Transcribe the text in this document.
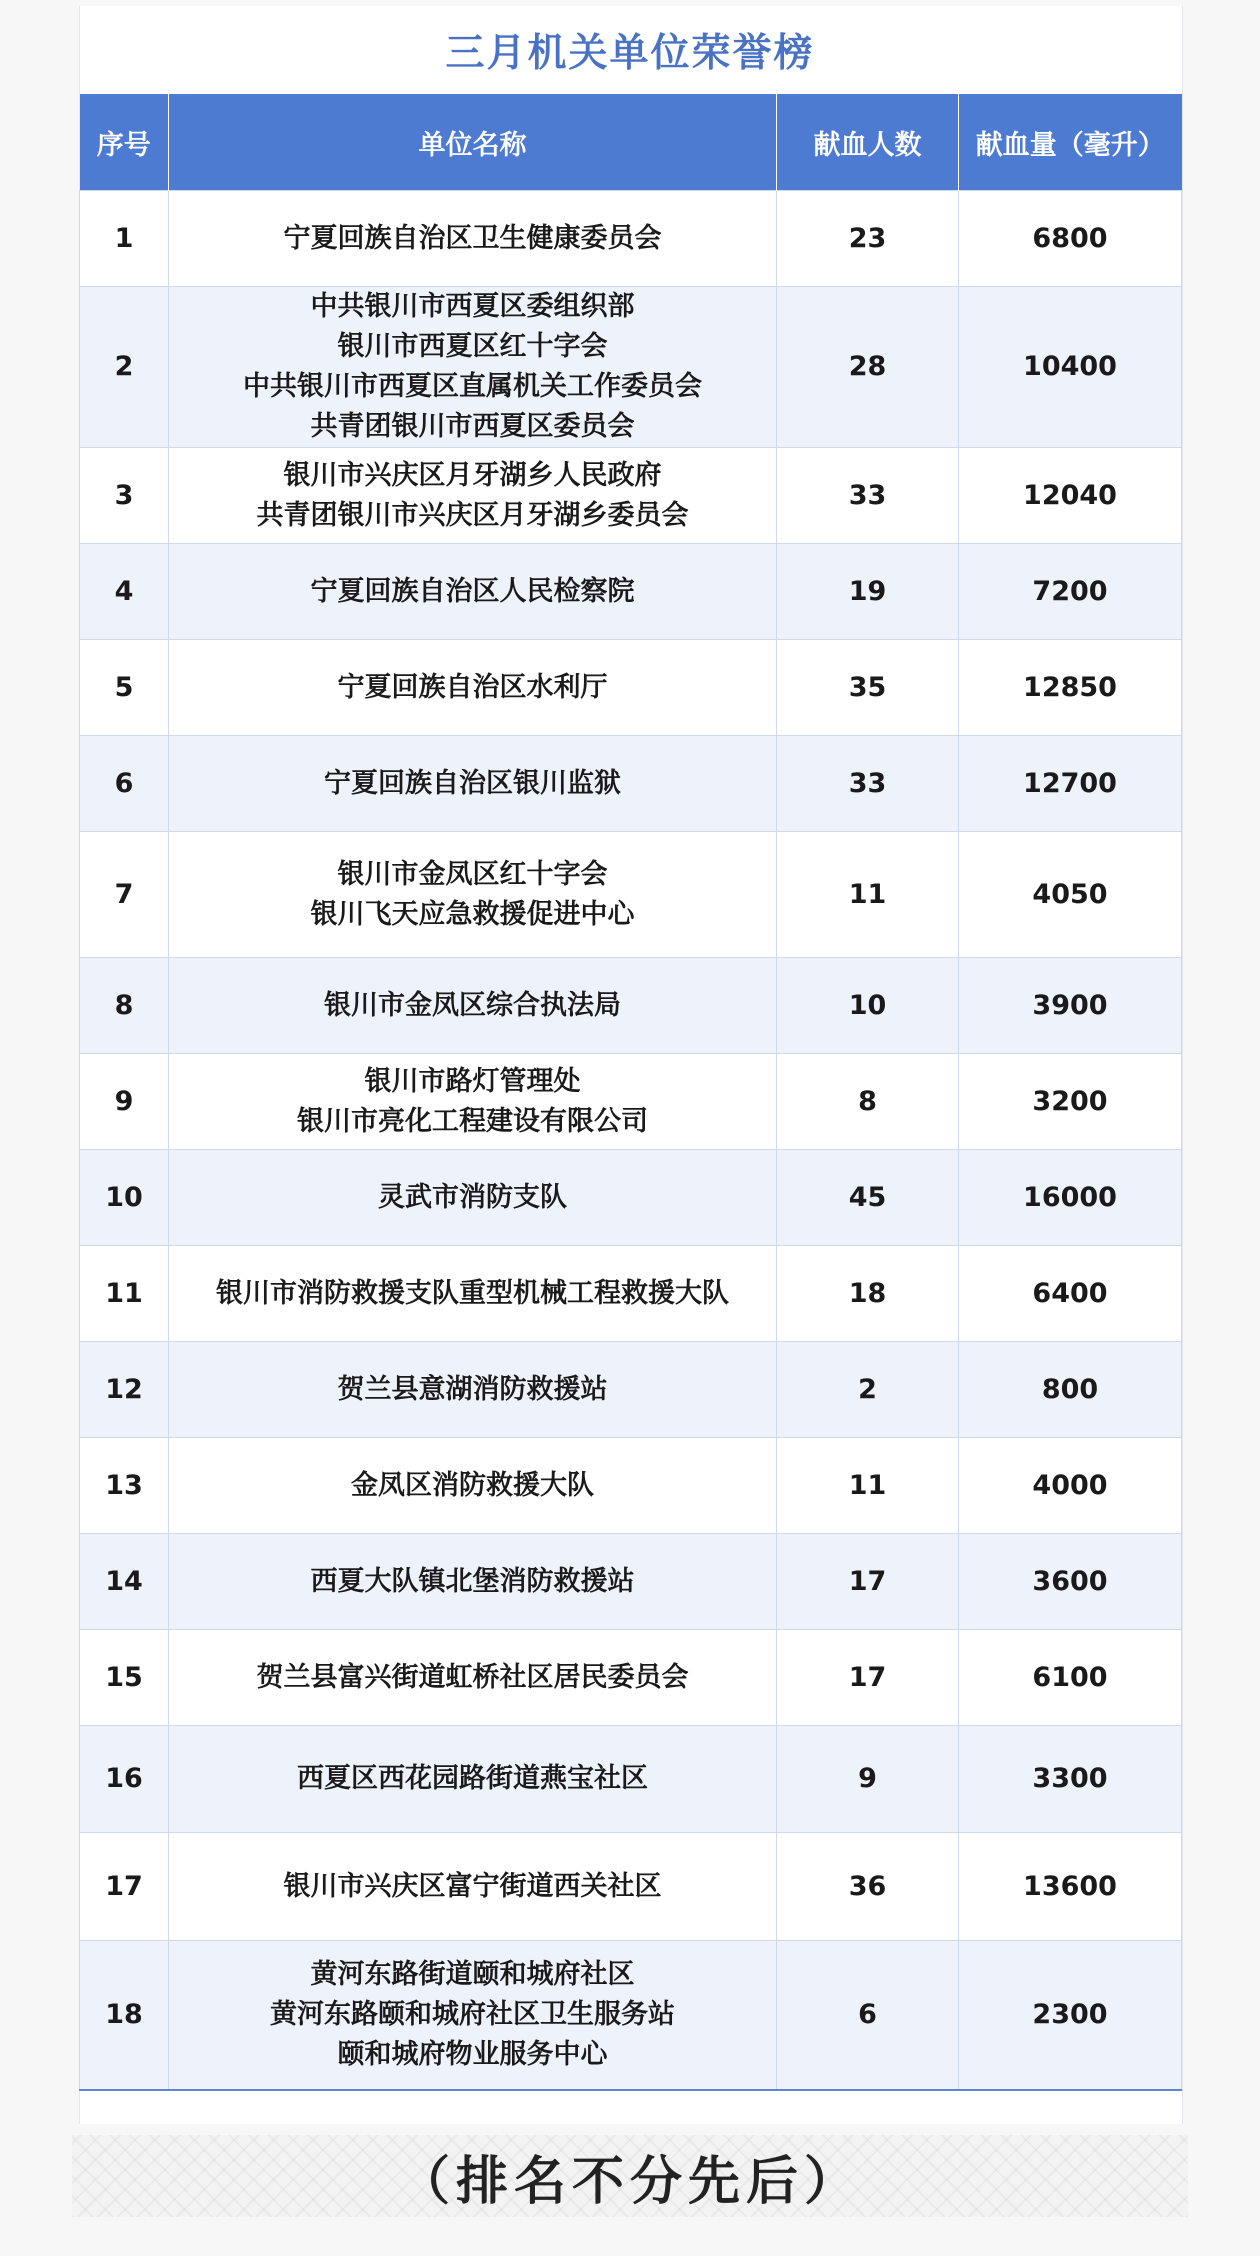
三月机关单位荣誉榜
序号	单位名称	献血人数	献血量（毫升）
1	宁夏回族自治区卫生健康委员会	23	6800
2	中共银川市西夏区委组织部
银川市西夏区红十字会
中共银川市西夏区直属机关工作委员会
共青团银川市西夏区委员会	28	10400
3	银川市兴庆区月牙湖乡人民政府
共青团银川市兴庆区月牙湖乡委员会	33	12040
4	宁夏回族自治区人民检察院	19	7200
5	宁夏回族自治区水利厅	35	12850
6	宁夏回族自治区银川监狱	33	12700
7	银川市金凤区红十字会
银川飞天应急救援促进中心	11	4050
8	银川市金凤区综合执法局	10	3900
9	银川市路灯管理处
银川市亮化工程建设有限公司	8	3200
10	灵武市消防支队	45	16000
11	银川市消防救援支队重型机械工程救援大队	18	6400
12	贺兰县意湖消防救援站	2	800
13	金凤区消防救援大队	11	4000
14	西夏大队镇北堡消防救援站	17	3600
15	贺兰县富兴街道虹桥社区居民委员会	17	6100
16	西夏区西花园路街道燕宝社区	9	3300
17	银川市兴庆区富宁街道西关社区	36	13600
18	黄河东路街道颐和城府社区
黄河东路颐和城府社区卫生服务站
颐和城府物业服务中心	6	2300
（排名不分先后）
